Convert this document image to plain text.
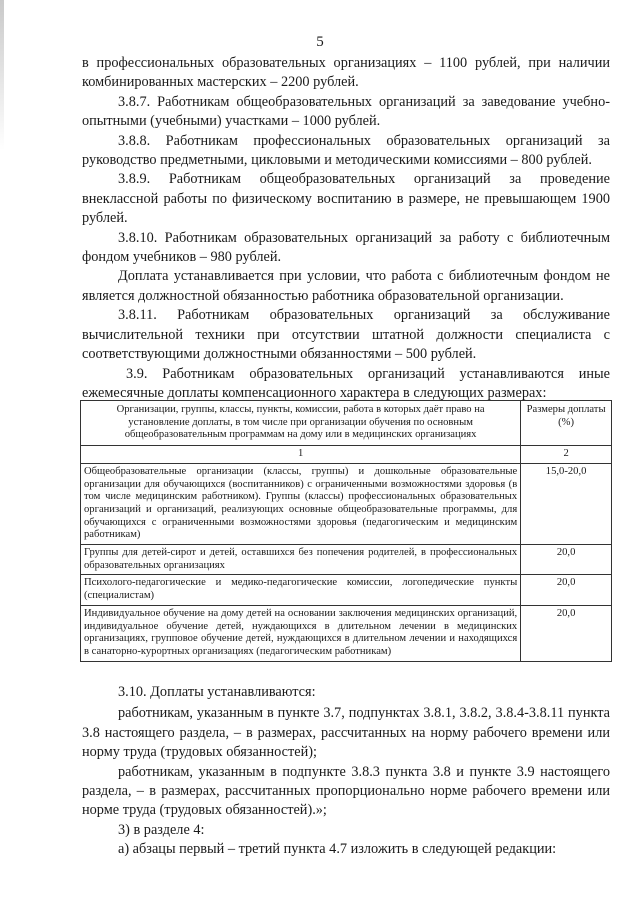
5

в профессиональных образовательных организациях – 1100 рублей, при наличии комбинированных мастерских – 2200 рублей.

3.8.7. Работникам общеобразовательных организаций за заведование учебно-опытными (учебными) участками – 1000 рублей.

3.8.8. Работникам профессиональных образовательных организаций за руководство предметными, цикловыми и методическими комиссиями – 800 рублей.

3.8.9. Работникам общеобразовательных организаций за проведение внеклассной работы по физическому воспитанию в размере, не превышающем 1900 рублей.

3.8.10. Работникам образовательных организаций за работу с библиотечным фондом учебников – 980 рублей.

Доплата устанавливается при условии, что работа с библиотечным фондом не является должностной обязанностью работника образовательной организации.

3.8.11. Работникам образовательных организаций за обслуживание вычислительной техники при отсутствии штатной должности специалиста с соответствующими должностными обязанностями – 500 рублей.

3.9. Работникам образовательных организаций устанавливаются иные ежемесячные доплаты компенсационного характера в следующих размерах:

Организации, группы, классы, пункты, комиссии, работа в которых даёт право на установление доплаты, в том числе при организации обучения по основным общеобразовательным программам на дому или в медицинских организациях	Размеры доплаты (%)
1	2
Общеобразовательные организации (классы, группы) и дошкольные образовательные организации для обучающихся (воспитанников) с ограниченными возможностями здоровья (в том числе медицинским работником). Группы (классы) профессиональных образовательных организаций и организаций, реализующих основные общеобразовательные программы, для обучающихся с ограниченными возможностями здоровья (педагогическим и медицинским работникам)	15,0-20,0
Группы для детей-сирот и детей, оставшихся без попечения родителей, в профессиональных образовательных организациях	20,0
Психолого-педагогические и медико-педагогические комиссии, логопедические пункты (специалистам)	20,0
Индивидуальное обучение на дому детей на основании заключения медицинских организаций, индивидуальное обучение детей, нуждающихся в длительном лечении в медицинских организациях, групповое обучение детей, нуждающихся в длительном лечении и находящихся в санаторно-курортных организациях (педагогическим работникам)	20,0

3.10. Доплаты устанавливаются:

работникам, указанным в пункте 3.7, подпунктах 3.8.1, 3.8.2, 3.8.4-3.8.11 пункта 3.8 настоящего раздела, – в размерах, рассчитанных на норму рабочего времени или норму труда (трудовых обязанностей);

работникам, указанным в подпункте 3.8.3 пункта 3.8 и пункте 3.9 настоящего раздела, – в размерах, рассчитанных пропорционально норме рабочего времени или норме труда (трудовых обязанностей).»;

3) в разделе 4:

а) абзацы первый – третий пункта 4.7 изложить в следующей редакции:
